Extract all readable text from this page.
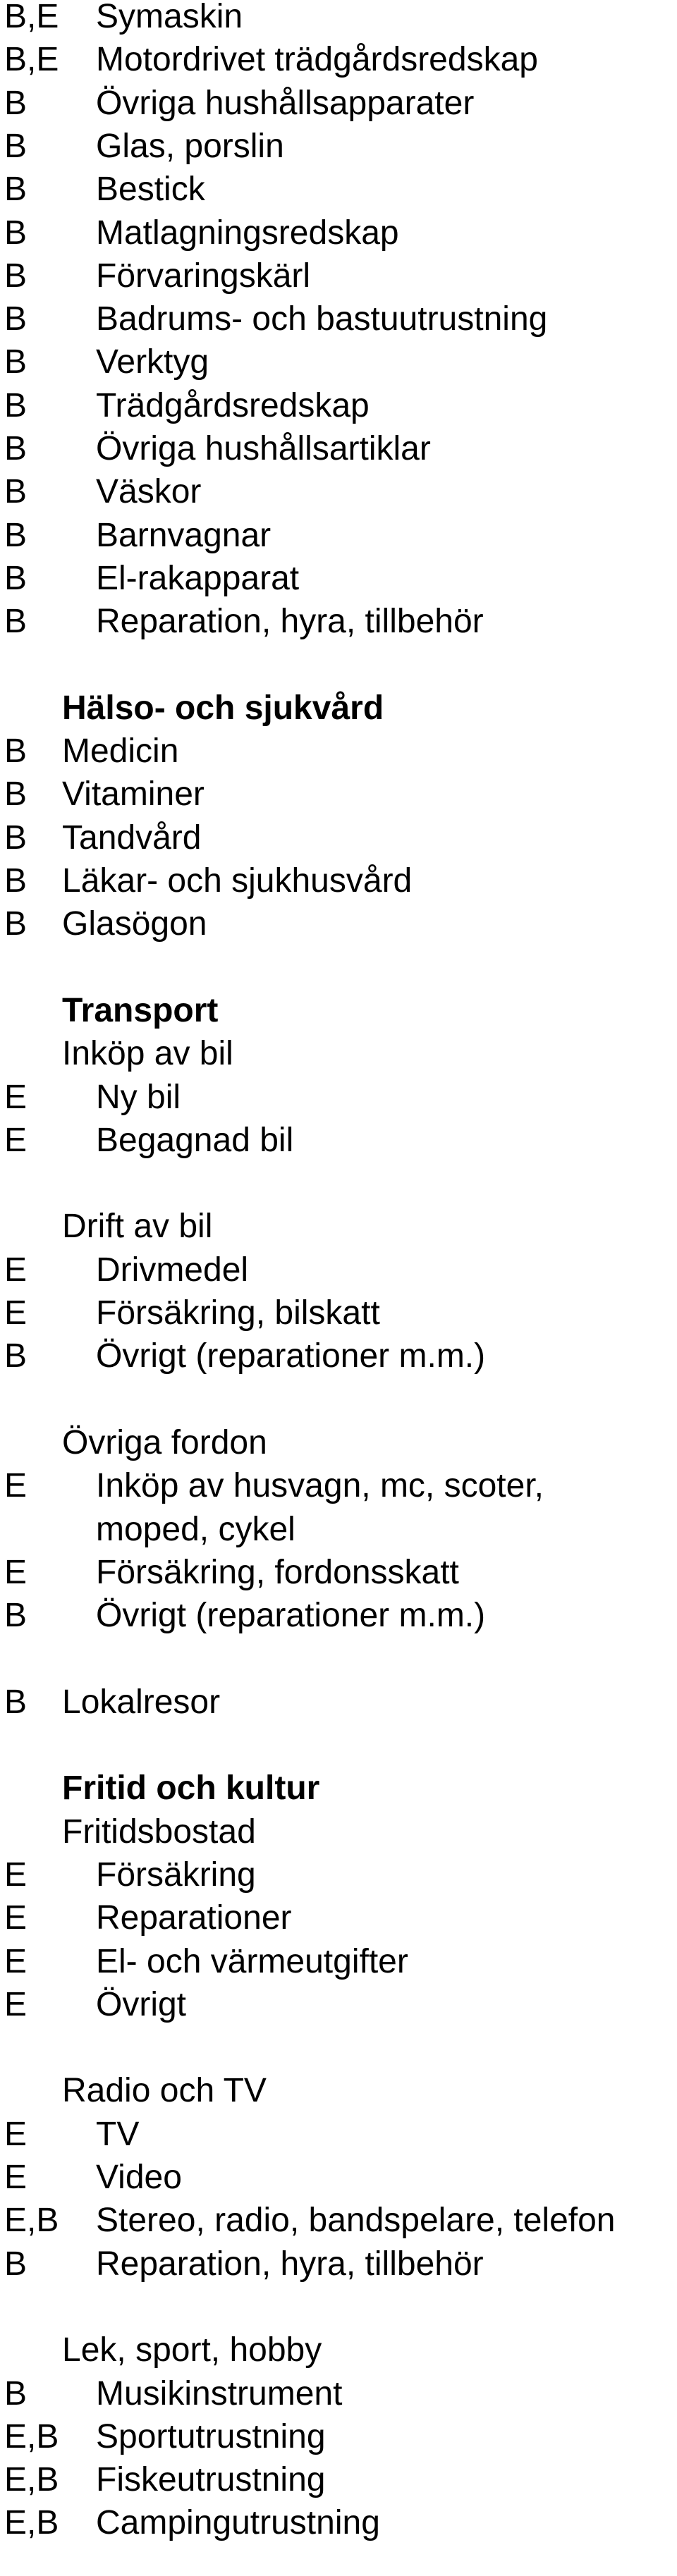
B,E Symaskin
B,E Motordrivet trädgårdsredskap
B Övriga hushållsapparater
B Glas, porslin
B Bestick
B Matlagningsredskap
B Förvaringskärl
B Badrums- och bastuutrustning
B Verktyg
B Trädgårdsredskap
B Övriga hushållsartiklar
B Väskor
B Barnvagnar
B El-rakapparat
B Reparation, hyra, tillbehör
Hälso- och sjukvård
B Medicin
B Vitaminer
B Tandvård
B Läkar- och sjukhusvård
B Glasögon
Transport
Inköp av bil
E Ny bil
E Begagnad bil
Drift av bil
E Drivmedel
E Försäkring, bilskatt
B Övrigt (reparationer m.m.)
Övriga fordon
E Inköp av husvagn, mc, scoter,
moped, cykel
E Försäkring, fordonsskatt
B Övrigt (reparationer m.m.)
B Lokalresor
Fritid och kultur
Fritidsbostad
E Försäkring
E Reparationer
E El- och värmeutgifter
E Övrigt
Radio och TV
E TV
E Video
E,B Stereo, radio, bandspelare, telefon
B Reparation, hyra, tillbehör
Lek, sport, hobby
B Musikinstrument
E,B Sportutrustning
E,B Fiskeutrustning
E,B Campingutrustning
